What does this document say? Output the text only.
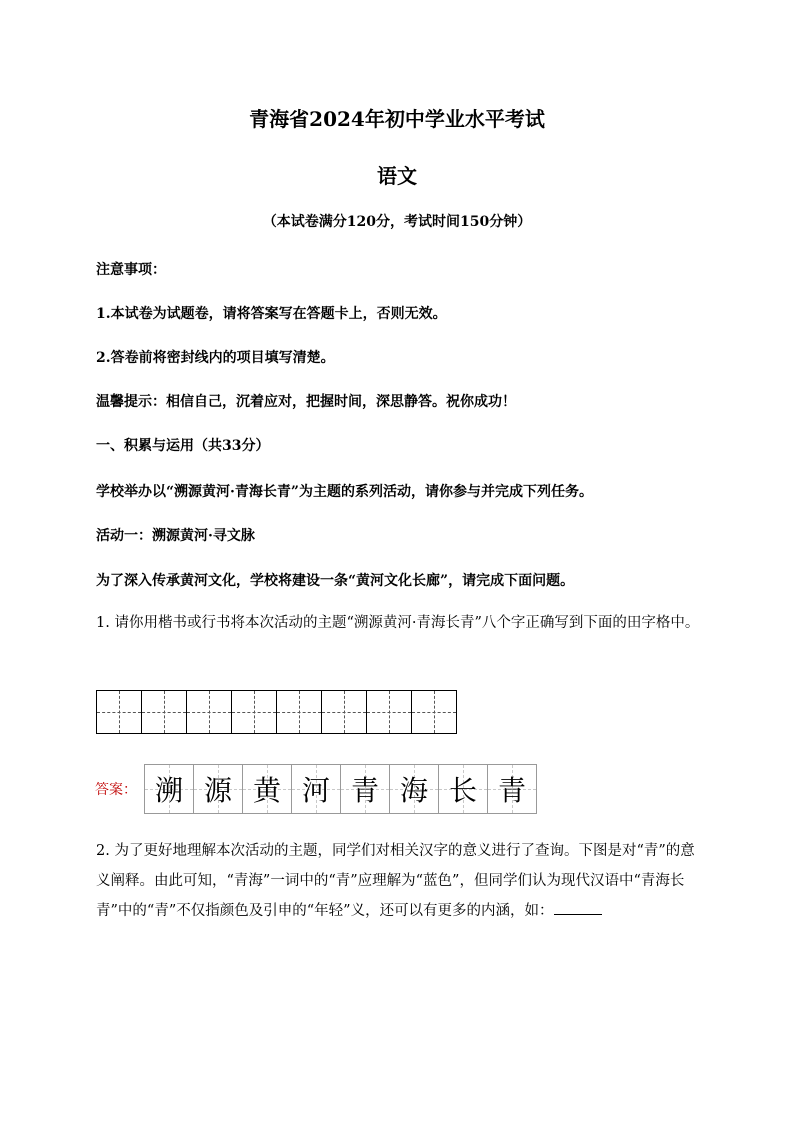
青海省2024年初中学业水平考试
语文
（本试卷满分120分，考试时间150分钟）
注意事项：
1.本试卷为试题卷，请将答案写在答题卡上，否则无效。
2.答卷前将密封线内的项目填写清楚。
温馨提示：相信自己，沉着应对，把握时间，深思静答。祝你成功！
一、积累与运用（共33分）
学校举办以“溯源黄河·青海长青”为主题的系列活动，请你参与并完成下列任务。
活动一：溯源黄河·寻文脉
为了深入传承黄河文化，学校将建设一条“黄河文化长廊”，请完成下面问题。
1. 请你用楷书或行书将本次活动的主题“溯源黄河·青海长青”八个字正确写到下面的田字格中。
答案： 溯 源 黄 河 青 海 长 青
2. 为了更好地理解本次活动的主题，同学们对相关汉字的意义进行了查询。下图是对“青”的意义阐释。由此可知，“青海”一词中的“青”应理解为“蓝色”，但同学们认为现代汉语中“青海长青”中的“青”不仅指颜色及引申的“年轻”义，还可以有更多的内涵，如：
